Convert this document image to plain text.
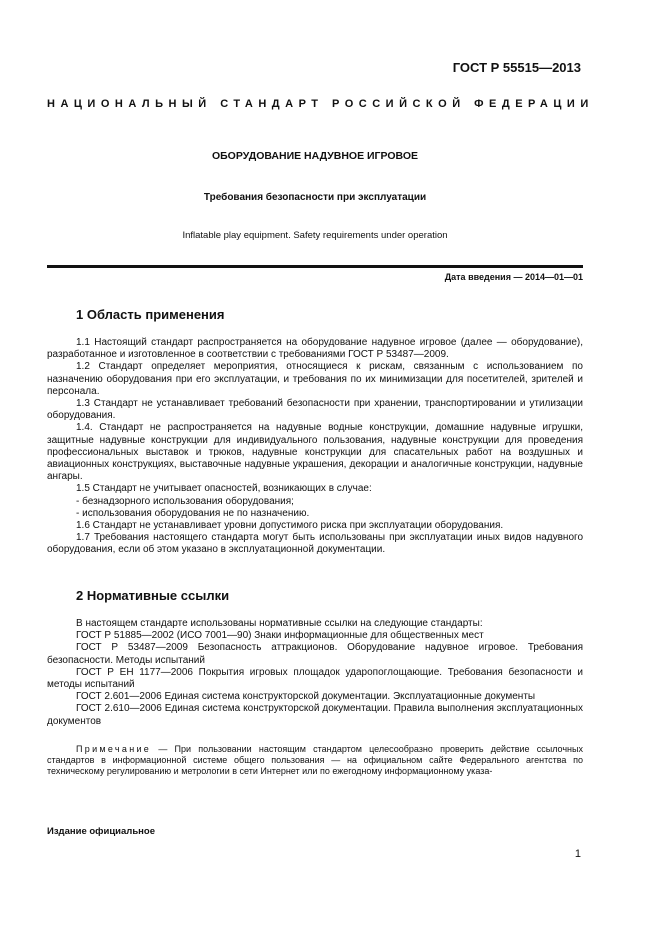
ГОСТ Р 55515—2013
НАЦИОНАЛЬНЫЙ СТАНДАРТ РОССИЙСКОЙ ФЕДЕРАЦИИ
ОБОРУДОВАНИЕ НАДУВНОЕ ИГРОВОЕ
Требования безопасности при эксплуатации
Inflatable play equipment. Safety requirements under operation
Дата введения — 2014—01—01
1 Область применения

1.1 Настоящий стандарт распространяется на оборудование надувное игровое (далее — оборудование), разработанное и изготовленное в соответствии с требованиями ГОСТ Р 53487—2009.

1.2 Стандарт определяет мероприятия, относящиеся к рискам, связанным с использованием по назначению оборудования при его эксплуатации, и требования по их минимизации для посетителей, зрителей и персонала.

1.3 Стандарт не устанавливает требований безопасности при хранении, транспортировании и утилизации оборудования.

1.4. Стандарт не распространяется на надувные водные конструкции, домашние надувные игрушки, защитные надувные конструкции для индивидуального пользования, надувные конструкции для проведения профессиональных выставок и трюков, надувные конструкции для спасательных работ на воздушных и авиационных конструкциях, выставочные надувные украшения, декорации и аналогичные конструкции, надувные ангары.

1.5 Стандарт не учитывает опасностей, возникающих в случае:

- безнадзорного использования оборудования;

- использования оборудования не по назначению.

1.6 Стандарт не устанавливает уровни допустимого риска при эксплуатации оборудования.

1.7 Требования настоящего стандарта могут быть использованы при эксплуатации иных видов надувного оборудования, если об этом указано в эксплуатационной документации.

2 Нормативные ссылки

В настоящем стандарте использованы нормативные ссылки на следующие стандарты:

ГОСТ Р 51885—2002 (ИСО 7001—90) Знаки информационные для общественных мест

ГОСТ Р 53487—2009 Безопасность аттракционов. Оборудование надувное игровое. Требования безопасности. Методы испытаний

ГОСТ Р ЕН 1177—2006 Покрытия игровых площадок ударопоглощающие. Требования безопасности и методы испытаний

ГОСТ 2.601—2006 Единая система конструкторской документации. Эксплуатационные документы

ГОСТ 2.610—2006 Единая система конструкторской документации. Правила выполнения эксплуатационных документов

Примечание — При пользовании настоящим стандартом целесообразно проверить действие ссылочных стандартов в информационной системе общего пользования — на официальном сайте Федерального агентства по техническому регулированию и метрологии в сети Интернет или по ежегодному информационному указа-

Издание официальное
1
